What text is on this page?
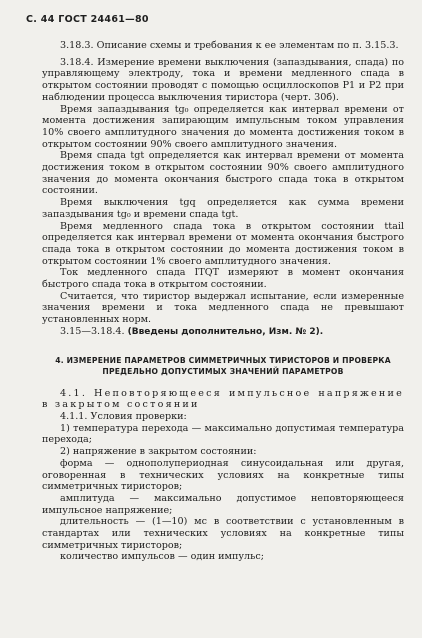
С. 44 ГОСТ 24461—80

3.18.3. Описание схемы и требования к ее элементам по п. 3.15.3.

3.18.4. Измерение времени выключения (запаздывания, спада) по управляющему электроду, тока и времени медленного спада в открытом состоянии проводят с помощью осциллоскопов Р1 и Р2 при наблюдении процесса выключения тиристора (черт. 30б).

Время запаздывания tg₀ определяется как интервал времени от момента достижения запирающим импульсным током управления 10% своего амплитудного значения до момента достижения током в открытом состоянии 90% своего амплитудного значения.

Время спада tgt определяется как интервал времени от момента достижения током в открытом состоянии 90% своего амплитудного значения до момента окончания быстрого спада тока в открытом состоянии.

Время выключения tgq определяется как сумма времени запаздывания tg₀ и времени спада tgt.

Время медленного спада тока в открытом состоянии ttail определяется как интервал времени от момента окончания быстрого спада тока в открытом состоянии до момента достижения током в открытом состоянии 1% своего амплитудного значения.

Ток медленного спада ITQT измеряют в момент окончания быстрого спада тока в открытом состоянии.

Считается, что тиристор выдержал испытание, если измеренные значения времени и тока медленного спада не превышают установленных норм.

3.15—3.18.4. (Введены дополнительно, Изм. № 2).

4. ИЗМЕРЕНИЕ ПАРАМЕТРОВ СИММЕТРИЧНЫХ ТИРИСТОРОВ И ПРОВЕРКА ПРЕДЕЛЬНО ДОПУСТИМЫХ ЗНАЧЕНИЙ ПАРАМЕТРОВ

4.1. Неповторяющееся импульсное напряжение в закрытом состоянии

4.1.1. Условия проверки:

1) температура перехода — максимально допустимая температура перехода;

2) напряжение в закрытом состоянии:

форма — однополупериодная синусоидальная или другая, оговоренная в технических условиях на конкретные типы симметричных тиристоров;

амплитуда — максимально допустимое неповторяющееся импульсное напряжение;

длительность — (1—10) мс в соответствии с установленным в стандартах или технических условиях на конкретные типы симметричных тиристоров;

количество импульсов — один импульс;
